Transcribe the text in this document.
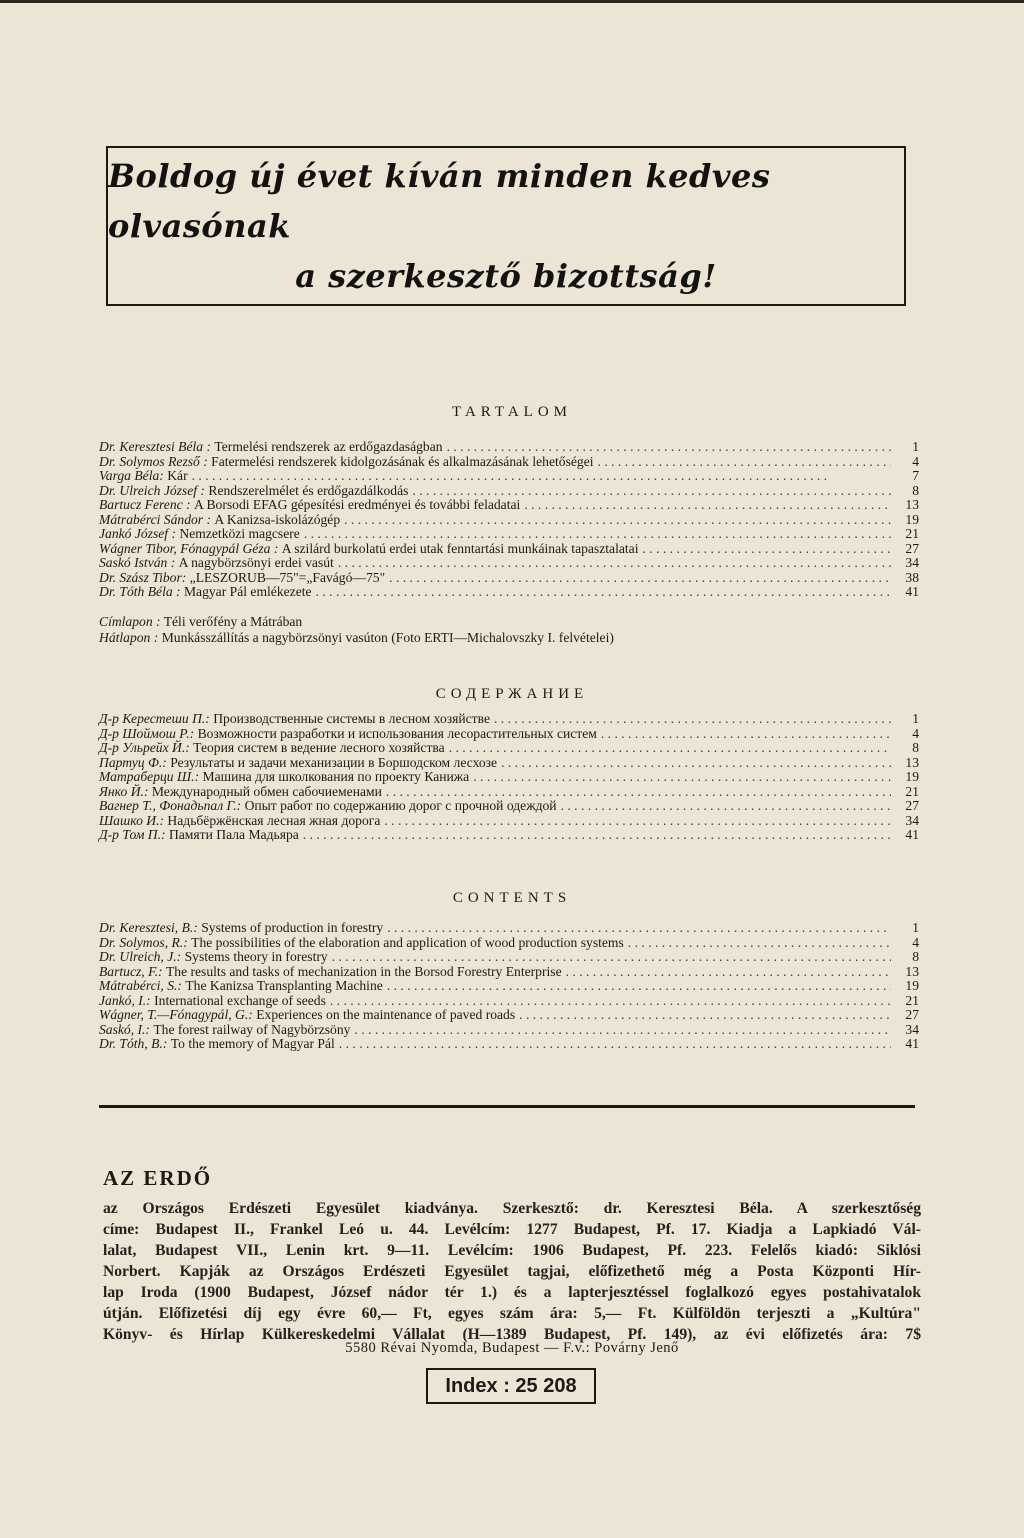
Boldog új évet kíván minden kedves olvasónak
a szerkesztő bizottság!
TARTALOM
Dr. Keresztesi Béla :
Termelési rendszerek az erdőgazdaságban . . .	1
Dr. Solymos Rezső :
Fatermelési rendszerek kidolgozásának és alkalmazásának lehetőségei . . .	4
Varga Béla:
Kár . . .	7
Dr. Ulreich József :
Rendszerelmélet és erdőgazdálkodás . . .	8
Bartucz Ferenc :
A Borsodi EFAG gépesítési eredményei és további feladatai . . .	13
Mátrabérci Sándor :
A Kanizsa-iskolázógép . . .	19
Jankó József :
Nemzetközi magcsere . . .	21
Wágner Tibor, Fónagypál Géza :
A szilárd burkolatú erdei utak fenntartási munkáinak tapasztalatai . . .	27
Saskó István :
A nagybörzsönyi erdei vasút . . .	34
Dr. Szász Tibor:
„LESZORUB—75"=„Favágó—75" . . .	38
Dr. Tóth Béla :
Magyar Pál emlékezete . . .	41
Címlapon : Téli verőfény a Mátrában
Hátlapon : Munkásszállítás a nagybörzsönyi vasúton (Foto ERTI—Michalovszky I. felvételei)
СОДЕРЖАНИЕ
Д-р Керестеши П.:
Производственные системы в лесном хозяйстве . . .	1
Д-р Шоймош Р.:
Возможности разработки и использования лесорастительных систем . . .	4
Д-р Ульрейх Й.:
Теория систем в ведение лесного хозяйства . . .	8
Партуц Ф.:
Результаты и задачи механизации в Боршодском лесхозе . . .	13
Матраберци Ш.:
Машина для школкования по проекту Канижа . . .	19
Янко Й.:
Международный обмен сабочиеменами . . .	21
Вагнер Т., Фонадьпал Г.:
Опыт работ по содержанию дорог с прочной одеждой . . .	27
Шашко И.:
Надьбёржёнская лесная жная дорога . . .	34
Д-р Том П.:
Памяти Пала Мадьяра . . .	41
CONTENTS
Dr. Keresztesi, B.:
Systems of production in forestry . . .	1
Dr. Solymos, R.:
The possibilities of the elaboration and application of wood production systems . . .	4
Dr. Ulreich, J.:
Systems theory in forestry . . .	8
Bartucz, F.:
The results and tasks of mechanization in the Borsod Forestry Enterprise . . .	13
Mátrabérci, S.:
The Kanizsa Transplanting Machine . . .	19
Jankó, I.:
International exchange of seeds . . .	21
Wágner, T.—Fónagypál, G.:
Experiences on the maintenance of paved roads . . .	27
Saskó, I.:
The forest railway of Nagybörzsöny . . .	34
Dr. Tóth, B.:
To the memory of Magyar Pál . . .	41
AZ ERDŐ

az Országos Erdészeti Egyesület kiadványa. Szerkesztő: dr. Keresztesi Béla. A szerkesztőség

címe: Budapest II., Frankel Leó u. 44. Levélcím: 1277 Budapest, Pf. 17. Kiadja a Lapkiadó Vál-

lalat, Budapest VII., Lenin krt. 9—11. Levélcím: 1906 Budapest, Pf. 223. Felelős kiadó: Siklósi

Norbert. Kapják az Országos Erdészeti Egyesület tagjai, előfizethető még a Posta Központi Hír-

lap Iroda (1900 Budapest, József nádor tér 1.) és a lapterjesztéssel foglalkozó egyes postahivatalok

útján. Előfizetési díj egy évre 60,— Ft, egyes szám ára: 5,— Ft. Külföldön terjeszti a „Kultúra"

Könyv- és Hírlap Külkereskedelmi Vállalat (H—1389 Budapest, Pf. 149), az évi előfizetés ára: 7$

5580 Révai Nyomda, Budapest — F.v.: Povárny Jenő
Index : 25 208
